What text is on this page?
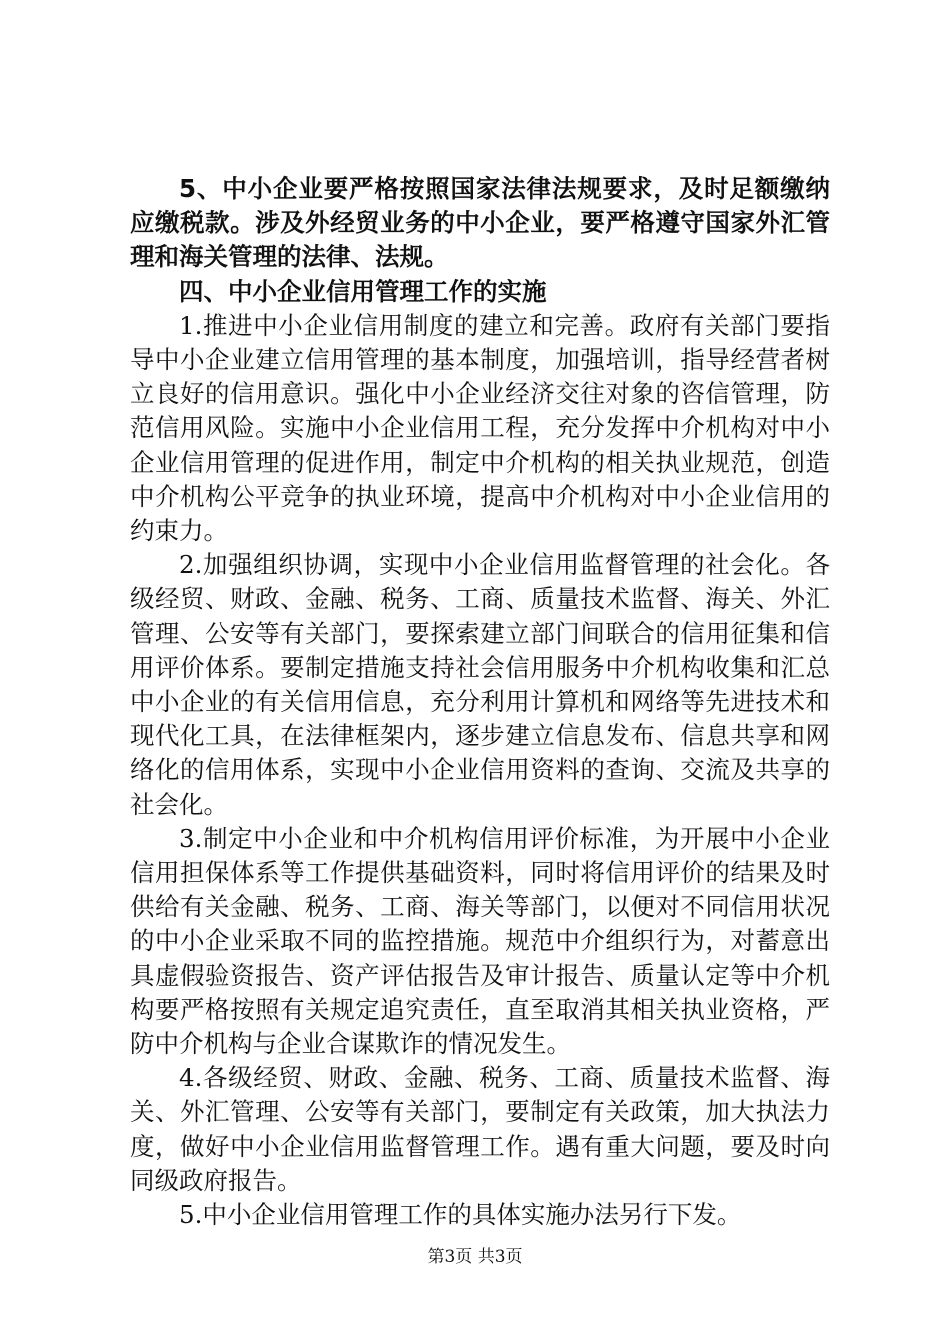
5、中小企业要严格按照国家法律法规要求，及时足额缴纳应缴税款。涉及外经贸业务的中小企业，要严格遵守国家外汇管理和海关管理的法律、法规。

四、中小企业信用管理工作的实施

1.推进中小企业信用制度的建立和完善。政府有关部门要指导中小企业建立信用管理的基本制度，加强培训，指导经营者树立良好的信用意识。强化中小企业经济交往对象的咨信管理，防范信用风险。实施中小企业信用工程，充分发挥中介机构对中小企业信用管理的促进作用，制定中介机构的相关执业规范，创造中介机构公平竞争的执业环境，提高中介机构对中小企业信用的约束力。

2.加强组织协调，实现中小企业信用监督管理的社会化。各级经贸、财政、金融、税务、工商、质量技术监督、海关、外汇管理、公安等有关部门，要探索建立部门间联合的信用征集和信用评价体系。要制定措施支持社会信用服务中介机构收集和汇总中小企业的有关信用信息，充分利用计算机和网络等先进技术和现代化工具，在法律框架内，逐步建立信息发布、信息共享和网络化的信用体系，实现中小企业信用资料的查询、交流及共享的社会化。

3.制定中小企业和中介机构信用评价标准，为开展中小企业信用担保体系等工作提供基础资料，同时将信用评价的结果及时供给有关金融、税务、工商、海关等部门，以便对不同信用状况的中小企业采取不同的监控措施。规范中介组织行为，对蓄意出具虚假验资报告、资产评估报告及审计报告、质量认定等中介机构要严格按照有关规定追究责任，直至取消其相关执业资格，严防中介机构与企业合谋欺诈的情况发生。

4.各级经贸、财政、金融、税务、工商、质量技术监督、海关、外汇管理、公安等有关部门，要制定有关政策，加大执法力度，做好中小企业信用监督管理工作。遇有重大问题，要及时向同级政府报告。

5.中小企业信用管理工作的具体实施办法另行下发。

第3页 共3页
